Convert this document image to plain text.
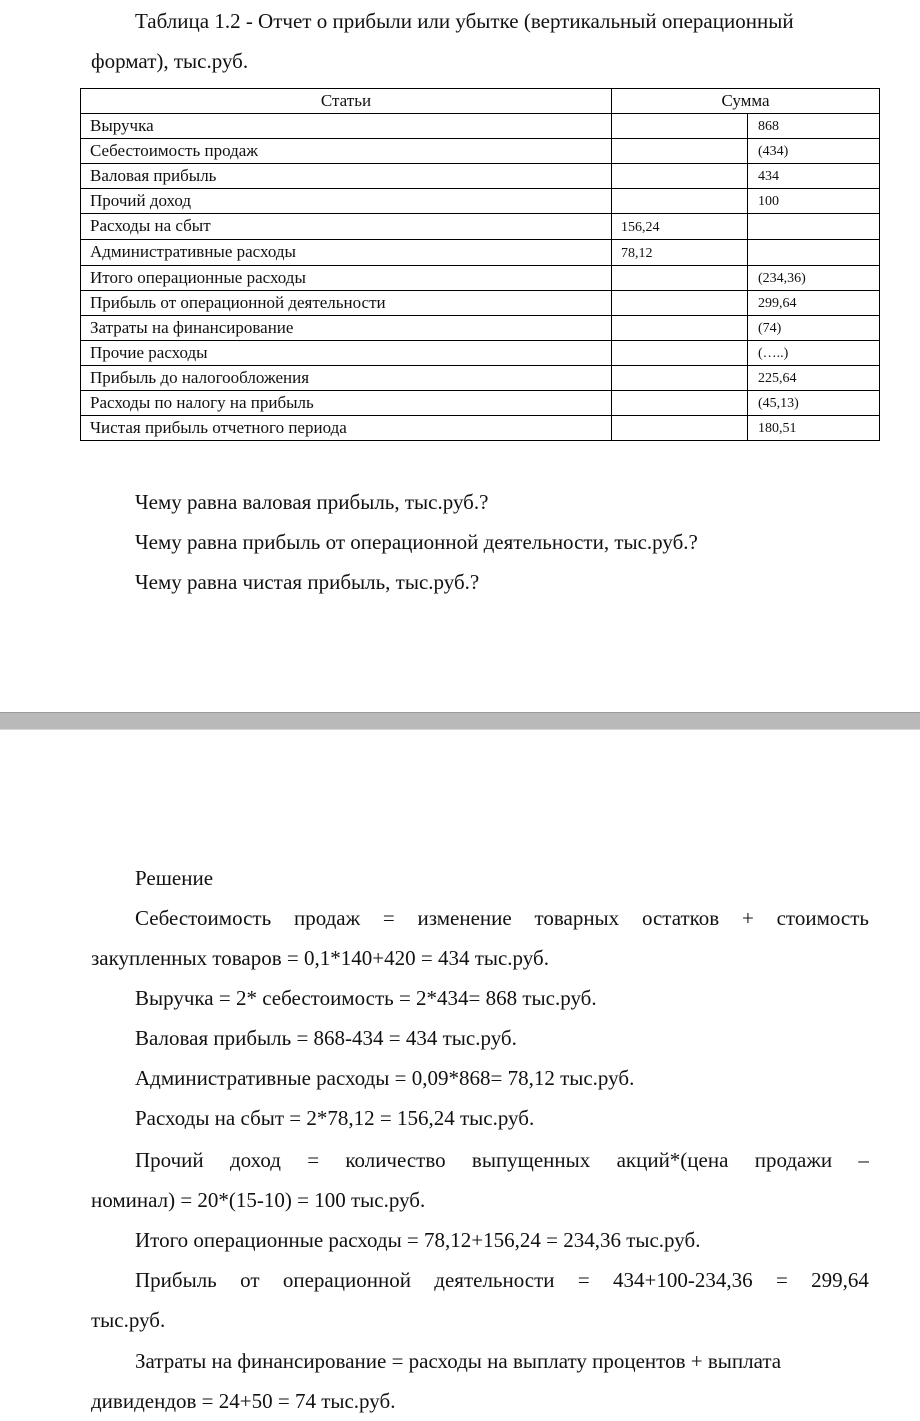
Таблица 1.2 - Отчет о прибыли или убытке (вертикальный операционный
формат), тыс.руб.
Статьи	Сумма	
Выручка		868
Себестоимость продаж		(434)
Валовая прибыль		434
Прочий доход		100
Расходы на сбыт	156,24	
Административные расходы	78,12	
Итого операционные расходы		(234,36)
Прибыль от операционной деятельности		299,64
Затраты на финансирование		(74)
Прочие расходы		(…..)
Прибыль до налогообложения		225,64
Расходы по налогу на прибыль		(45,13)
Чистая прибыль отчетного периода		180,51
Чему равна валовая прибыль, тыс.руб.?
Чему равна прибыль от операционной деятельности, тыс.руб.?
Чему равна чистая прибыль, тыс.руб.?
Решение
Себестоимость продаж = изменение товарных остатков + стоимость
закупленных товаров = 0,1*140+420 = 434 тыс.руб.
Выручка = 2* себестоимость = 2*434= 868 тыс.руб.
Валовая прибыль = 868-434 = 434 тыс.руб.
Административные расходы = 0,09*868= 78,12 тыс.руб.
Расходы на сбыт = 2*78,12 = 156,24 тыс.руб.
Прочий доход = количество выпущенных акций*(цена продажи –
номинал) = 20*(15-10) = 100 тыс.руб.
Итого операционные расходы = 78,12+156,24 = 234,36 тыс.руб.
Прибыль от операционной деятельности = 434+100-234,36 = 299,64
тыс.руб.
Затраты на финансирование = расходы на выплату процентов + выплата
дивидендов = 24+50 = 74 тыс.руб.
